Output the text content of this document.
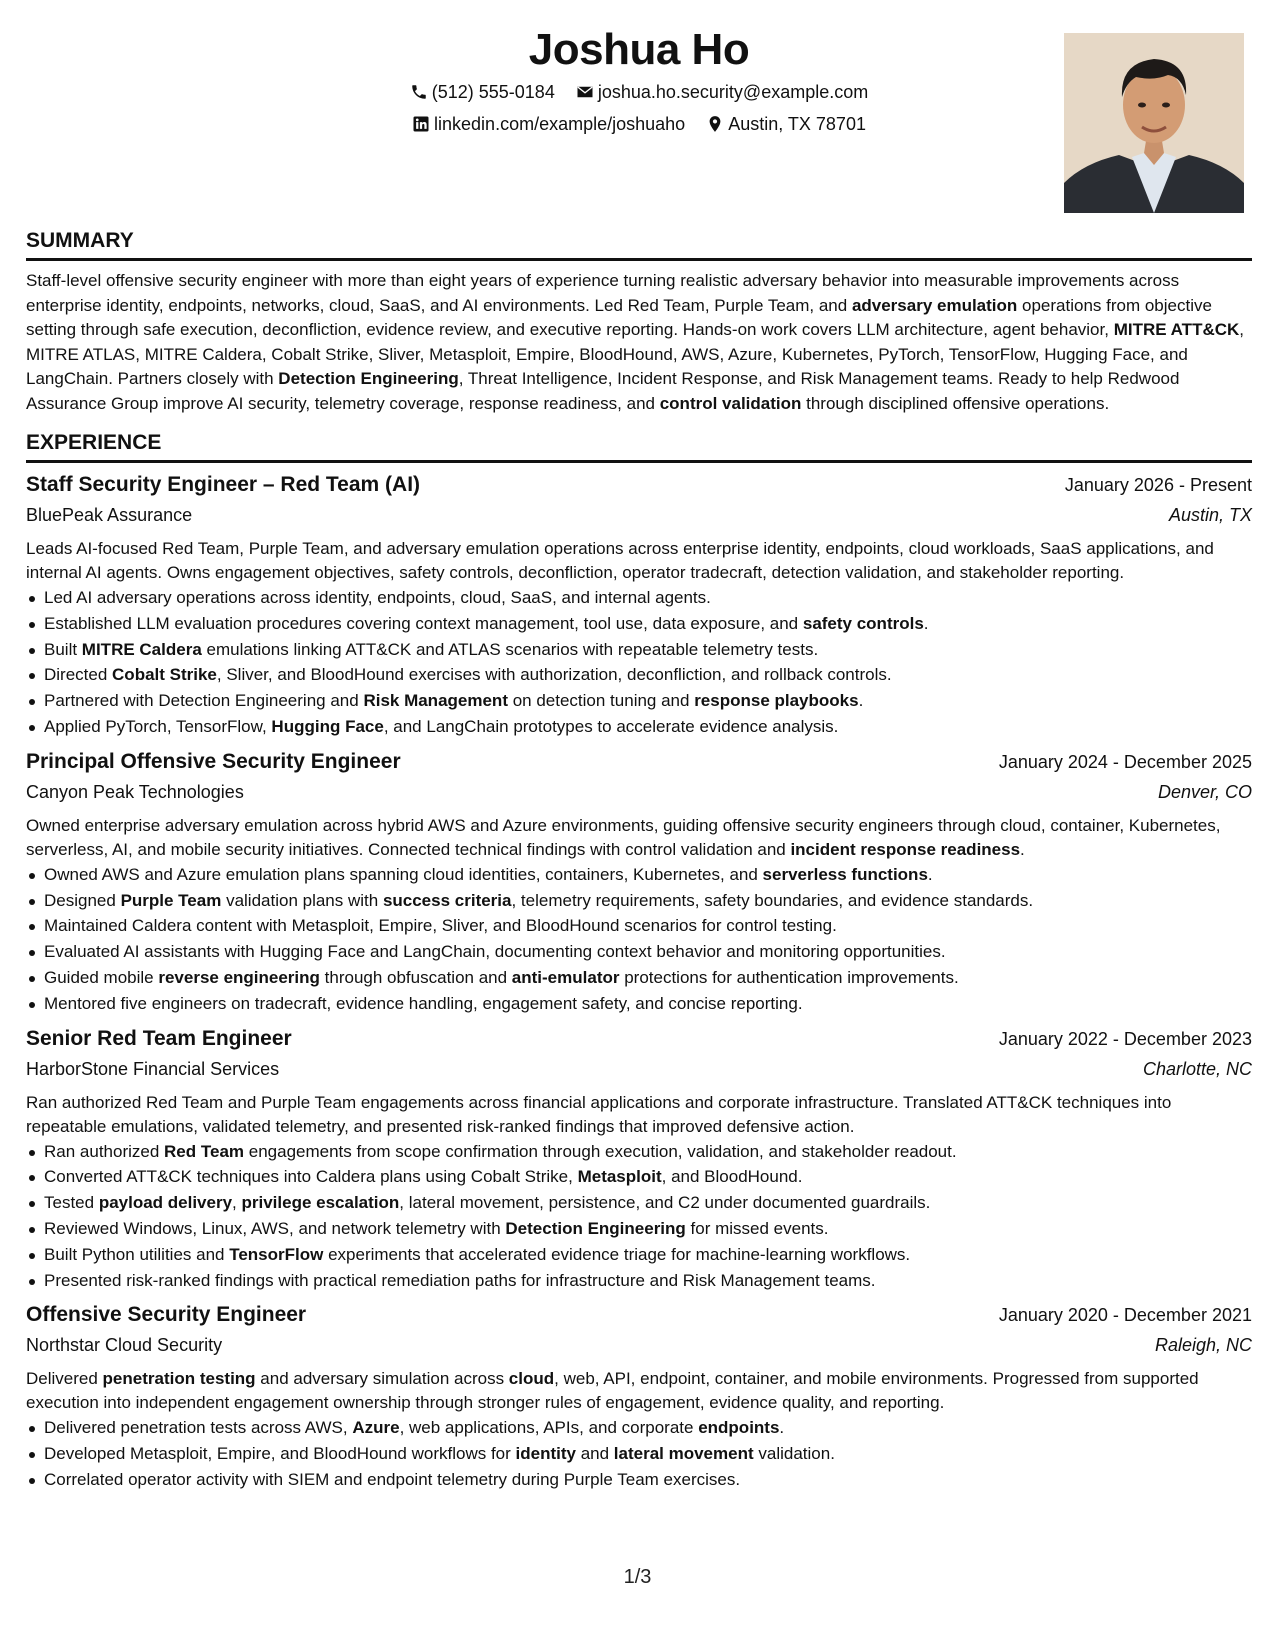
Joshua Ho
(512) 555-0184
joshua.ho.security@example.com
linkedin.com/example/joshuaho
Austin, TX 78701
SUMMARY

Staff-level offensive security engineer with more than eight years of experience turning realistic adversary behavior into measurable improvements across enterprise identity, endpoints, networks, cloud, SaaS, and AI environments. Led Red Team, Purple Team, and adversary emulation operations from objective setting through safe execution, deconfliction, evidence review, and executive reporting. Hands-on work covers LLM architecture, agent behavior, MITRE ATT&CK, MITRE ATLAS, MITRE Caldera, Cobalt Strike, Sliver, Metasploit, Empire, BloodHound, AWS, Azure, Kubernetes, PyTorch, TensorFlow, Hugging Face, and LangChain. Partners closely with Detection Engineering, Threat Intelligence, Incident Response, and Risk Management teams. Ready to help Redwood Assurance Group improve AI security, telemetry coverage, response readiness, and control validation through disciplined offensive operations.

EXPERIENCE
Staff Security Engineer – Red Team (AI)	January 2026 - Present
BluePeak Assurance	Austin, TX

Leads AI-focused Red Team, Purple Team, and adversary emulation operations across enterprise identity, endpoints, cloud workloads, SaaS applications, and internal AI agents. Owns engagement objectives, safety controls, deconfliction, operator tradecraft, detection validation, and stakeholder reporting.

Led AI adversary operations across identity, endpoints, cloud, SaaS, and internal agents.
Established LLM evaluation procedures covering context management, tool use, data exposure, and safety controls.
Built MITRE Caldera emulations linking ATT&CK and ATLAS scenarios with repeatable telemetry tests.
Directed Cobalt Strike, Sliver, and BloodHound exercises with authorization, deconfliction, and rollback controls.
Partnered with Detection Engineering and Risk Management on detection tuning and response playbooks.
Applied PyTorch, TensorFlow, Hugging Face, and LangChain prototypes to accelerate evidence analysis.
Principal Offensive Security Engineer	January 2024 - December 2025
Canyon Peak Technologies	Denver, CO

Owned enterprise adversary emulation across hybrid AWS and Azure environments, guiding offensive security engineers through cloud, container, Kubernetes, serverless, AI, and mobile security initiatives. Connected technical findings with control validation and incident response readiness.

Owned AWS and Azure emulation plans spanning cloud identities, containers, Kubernetes, and serverless functions.
Designed Purple Team validation plans with success criteria, telemetry requirements, safety boundaries, and evidence standards.
Maintained Caldera content with Metasploit, Empire, Sliver, and BloodHound scenarios for control testing.
Evaluated AI assistants with Hugging Face and LangChain, documenting context behavior and monitoring opportunities.
Guided mobile reverse engineering through obfuscation and anti-emulator protections for authentication improvements.
Mentored five engineers on tradecraft, evidence handling, engagement safety, and concise reporting.
Senior Red Team Engineer	January 2022 - December 2023
HarborStone Financial Services	Charlotte, NC

Ran authorized Red Team and Purple Team engagements across financial applications and corporate infrastructure. Translated ATT&CK techniques into repeatable emulations, validated telemetry, and presented risk-ranked findings that improved defensive action.

Ran authorized Red Team engagements from scope confirmation through execution, validation, and stakeholder readout.
Converted ATT&CK techniques into Caldera plans using Cobalt Strike, Metasploit, and BloodHound.
Tested payload delivery, privilege escalation, lateral movement, persistence, and C2 under documented guardrails.
Reviewed Windows, Linux, AWS, and network telemetry with Detection Engineering for missed events.
Built Python utilities and TensorFlow experiments that accelerated evidence triage for machine-learning workflows.
Presented risk-ranked findings with practical remediation paths for infrastructure and Risk Management teams.
Offensive Security Engineer	January 2020 - December 2021
Northstar Cloud Security	Raleigh, NC

Delivered penetration testing and adversary simulation across cloud, web, API, endpoint, container, and mobile environments. Progressed from supported execution into independent engagement ownership through stronger rules of engagement, evidence quality, and reporting.

Delivered penetration tests across AWS, Azure, web applications, APIs, and corporate endpoints.
Developed Metasploit, Empire, and BloodHound workflows for identity and lateral movement validation.
Correlated operator activity with SIEM and endpoint telemetry during Purple Team exercises.
1/3
